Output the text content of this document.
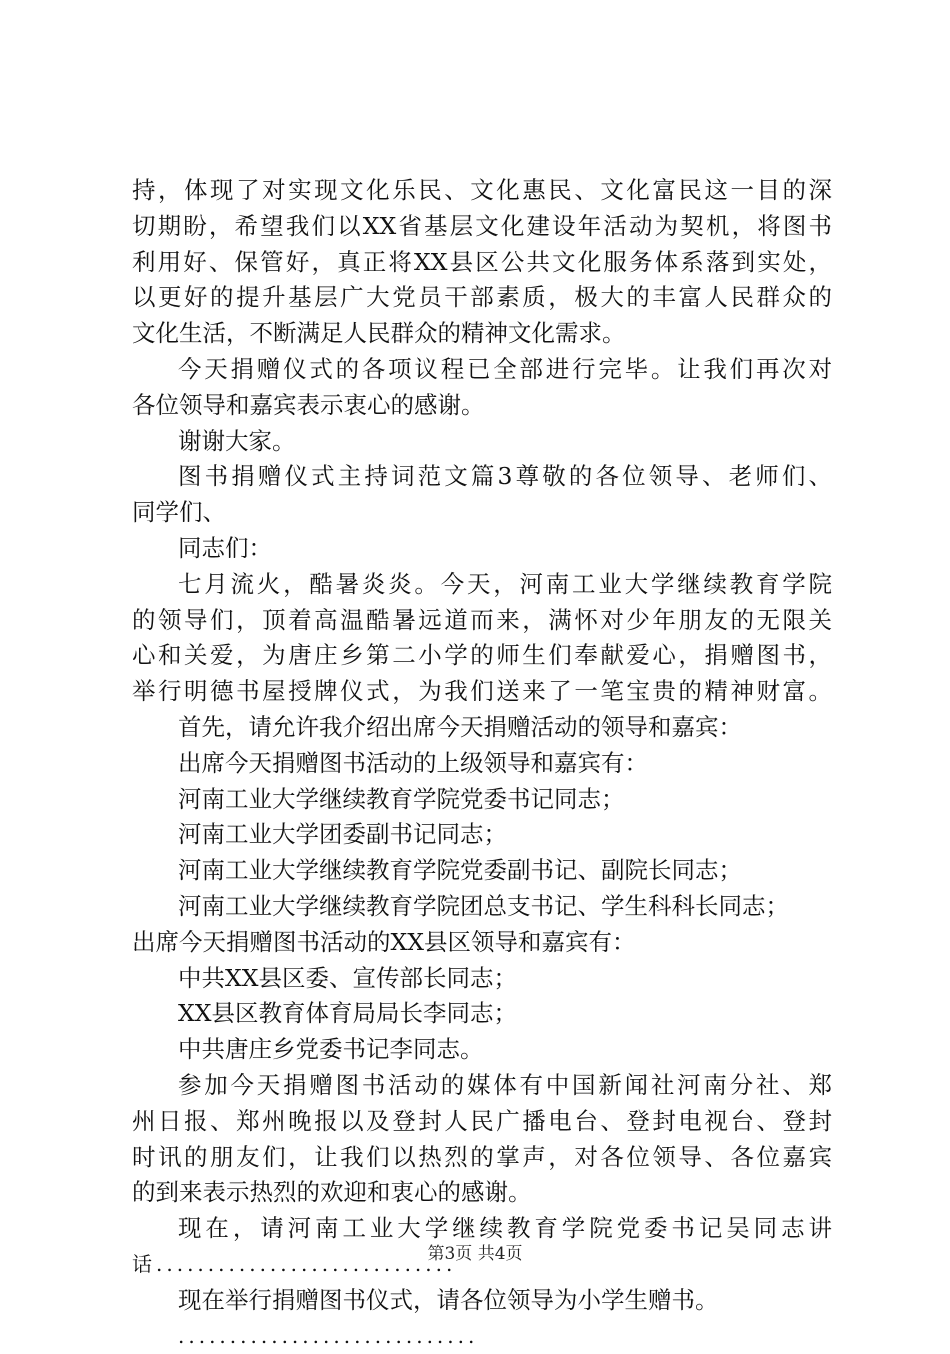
持，体现了对实现文化乐民、文化惠民、文化富民这一目的深
切期盼，希望我们以XX省基层文化建设年活动为契机，将图书
利用好、保管好，真正将XX县区公共文化服务体系落到实处，
以更好的提升基层广大党员干部素质，极大的丰富人民群众的
文化生活，不断满足人民群众的精神文化需求。
今天捐赠仪式的各项议程已全部进行完毕。让我们再次对
各位领导和嘉宾表示衷心的感谢。
谢谢大家。
图书捐赠仪式主持词范文篇3尊敬的各位领导、老师们、
同学们、
同志们：
七月流火，酷暑炎炎。今天，河南工业大学继续教育学院
的领导们，顶着高温酷暑远道而来，满怀对少年朋友的无限关
心和关爱，为唐庄乡第二小学的师生们奉献爱心，捐赠图书，
举行明德书屋授牌仪式，为我们送来了一笔宝贵的精神财富。
首先，请允许我介绍出席今天捐赠活动的领导和嘉宾：
出席今天捐赠图书活动的上级领导和嘉宾有：
河南工业大学继续教育学院党委书记同志；
河南工业大学团委副书记同志；
河南工业大学继续教育学院党委副书记、副院长同志；
河南工业大学继续教育学院团总支书记、学生科科长同志；
出席今天捐赠图书活动的XX县区领导和嘉宾有：
中共XX县区委、宣传部长同志；
XX县区教育体育局局长李同志；
中共唐庄乡党委书记李同志。
参加今天捐赠图书活动的媒体有中国新闻社河南分社、郑
州日报、郑州晚报以及登封人民广播电台、登封电视台、登封
时讯的朋友们，让我们以热烈的掌声，对各位领导、各位嘉宾
的到来表示热烈的欢迎和衷心的感谢。
现在，请河南工业大学继续教育学院党委书记吴同志讲
话.............................
现在举行捐赠图书仪式，请各位领导为小学生赠书。
.............................
第3页 共4页
